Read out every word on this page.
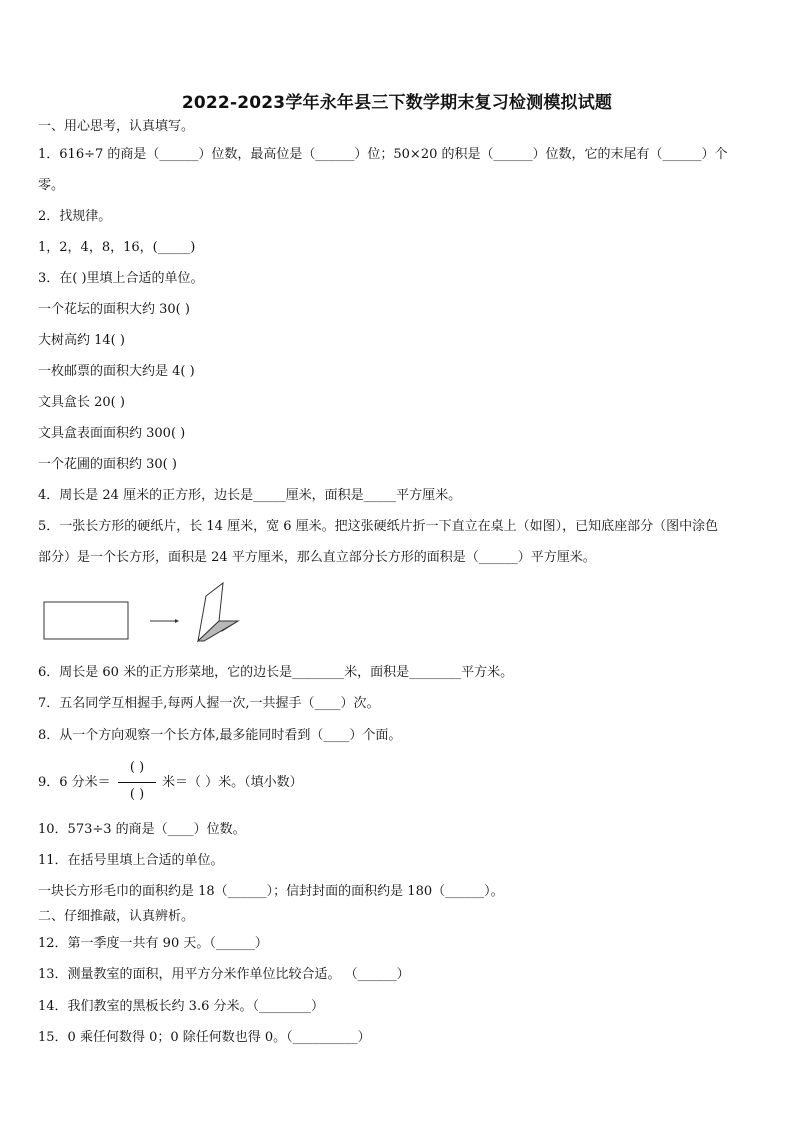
2022-2023学年永年县三下数学期末复习检测模拟试题
一、用心思考，认真填写。
1．616÷7 的商是（______）位数，最高位是（______）位；50×20 的积是（______）位数，它的末尾有（______）个
零。
2．找规律。
1，2，4，8，16，(_____)
3．在( )里填上合适的单位。
一个花坛的面积大约 30( )
大树高约 14( )
一枚邮票的面积大约是 4( )
文具盒长 20( )
文具盒表面面积约 300( )
一个花圃的面积约 30( )
4．周长是 24 厘米的正方形，边长是_____厘米，面积是_____平方厘米。
5．一张长方形的硬纸片，长 14 厘米，宽 6 厘米。把这张硬纸片折一下直立在桌上（如图），已知底座部分（图中涂色
部分）是一个长方形，面积是 24 平方厘米，那么直立部分长方形的面积是（______）平方厘米。
6．周长是 60 米的正方形菜地，它的边长是________米，面积是________平方米。
7．五名同学互相握手,每两人握一次,一共握手（____）次。
8．从一个方向观察一个长方体,最多能同时看到（____）个面。
9．6 分米＝
( )
( )
米＝（ ）米。（填小数）
10．573÷3 的商是（____）位数。
11．在括号里填上合适的单位。
一块长方形毛巾的面积约是 18（______）；信封封面的面积约是 180（______）。
二、仔细推敲，认真辨析。
12．第一季度一共有 90 天。（______）
13．测量教室的面积，用平方分米作单位比较合适。 （______）
14．我们教室的黑板长约 3.6 分米。（________）
15．0 乘任何数得 0；0 除任何数也得 0。（__________）
